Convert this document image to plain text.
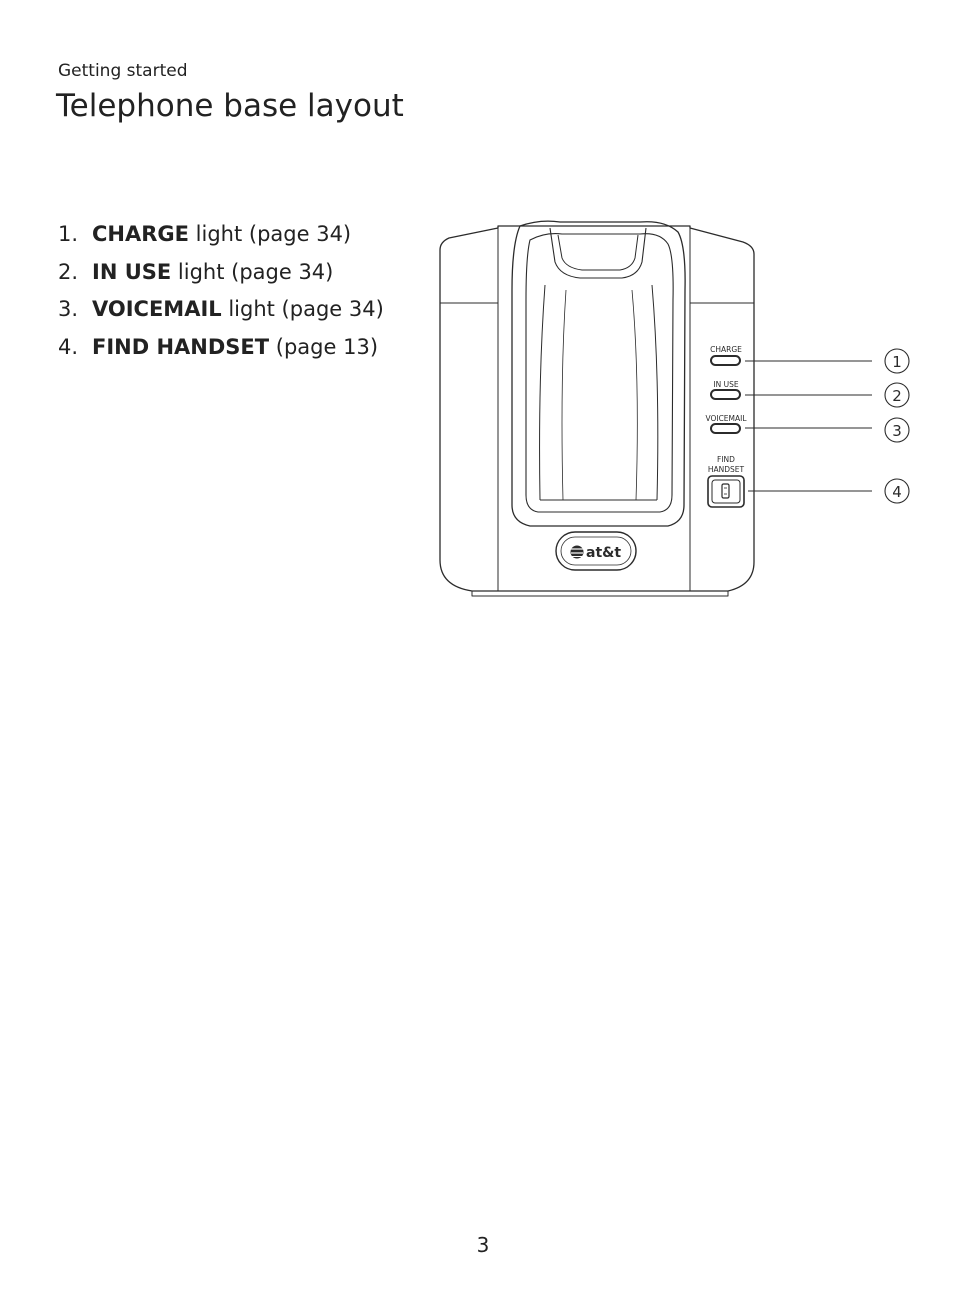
Getting started
Telephone base layout
1. CHARGE light (page 34)
2. IN USE light (page 34)
3. VOICEMAIL light (page 34)
4. FIND HANDSET (page 13)
at&t
CHARGE
IN USE
VOICEMAIL
FIND
HANDSET
1
2
3
4
3
